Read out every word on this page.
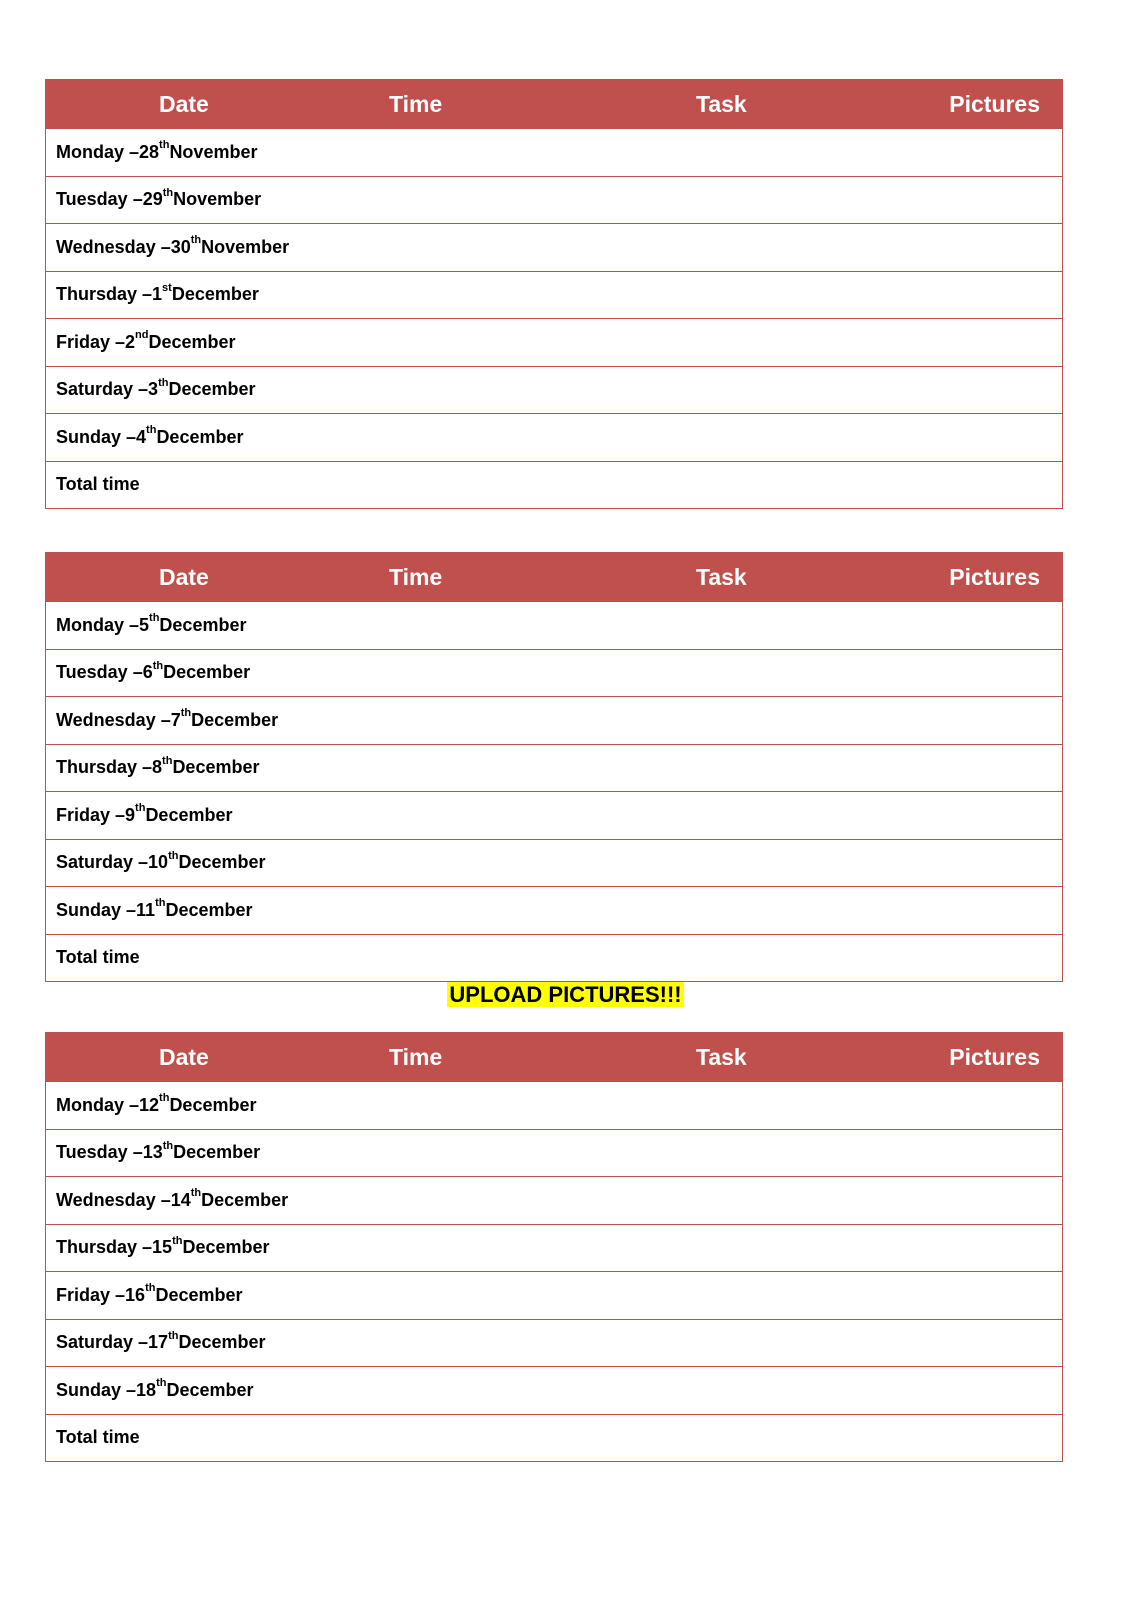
Date	Time	Task	Pictures
Monday – 28th November
Tuesday – 29th November
Wednesday – 30th November
Thursday – 1st December
Friday – 2nd December
Saturday – 3th December
Sunday – 4th December
Total time
Date	Time	Task	Pictures
Monday – 5th December
Tuesday – 6th December
Wednesday – 7th December
Thursday – 8th December
Friday – 9th December
Saturday – 10th December
Sunday – 11th December
Total time
UPLOAD PICTURES!!!
Date	Time	Task	Pictures
Monday – 12th December
Tuesday – 13th December
Wednesday – 14th December
Thursday – 15th December
Friday – 16th December
Saturday – 17th December
Sunday – 18th December
Total time
